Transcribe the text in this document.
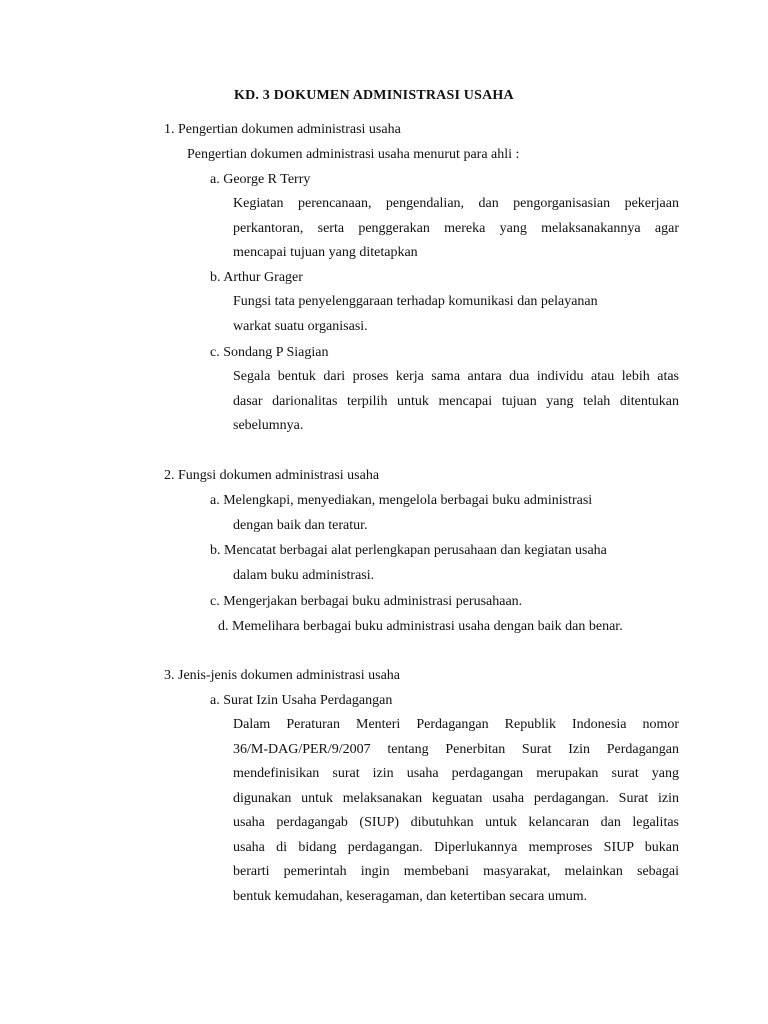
KD. 3 DOKUMEN ADMINISTRASI USAHA
1. Pengertian dokumen administrasi usaha
Pengertian dokumen administrasi usaha menurut para ahli :
a. George R Terry
Kegiatan perencanaan, pengendalian, dan pengorganisasian pekerjaan
perkantoran, serta penggerakan mereka yang melaksanakannya agar
mencapai tujuan yang ditetapkan
b. Arthur Grager
Fungsi tata penyelenggaraan terhadap komunikasi dan pelayanan
warkat suatu organisasi.
c. Sondang P Siagian
Segala bentuk dari proses kerja sama antara dua individu atau lebih atas
dasar darionalitas terpilih untuk mencapai tujuan yang telah ditentukan
sebelumnya.
2. Fungsi dokumen administrasi usaha
a. Melengkapi, menyediakan, mengelola berbagai buku administrasi
dengan baik dan teratur.
b. Mencatat berbagai alat perlengkapan perusahaan dan kegiatan usaha
dalam buku administrasi.
c. Mengerjakan berbagai buku administrasi perusahaan.
d. Memelihara berbagai buku administrasi usaha dengan baik dan benar.
3. Jenis-jenis dokumen administrasi usaha
a. Surat Izin Usaha Perdagangan
Dalam Peraturan Menteri Perdagangan Republik Indonesia nomor
36/M-DAG/PER/9/2007 tentang Penerbitan Surat Izin Perdagangan
mendefinisikan surat izin usaha perdagangan merupakan surat yang
digunakan untuk melaksanakan keguatan usaha perdagangan. Surat izin
usaha perdagangab (SIUP) dibutuhkan untuk kelancaran dan legalitas
usaha di bidang perdagangan. Diperlukannya memproses SIUP bukan
berarti pemerintah ingin membebani masyarakat, melainkan sebagai
bentuk kemudahan, keseragaman, dan ketertiban secara umum.
